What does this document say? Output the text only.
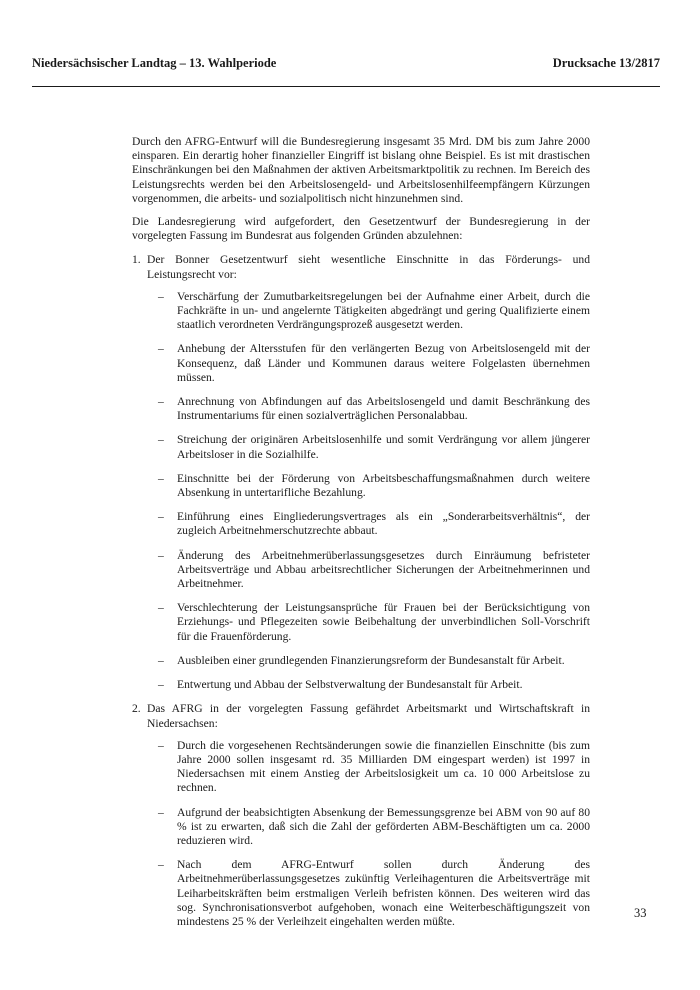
Niedersächsischer Landtag – 13. Wahlperiode	Drucksache 13/2817

Durch den AFRG-Entwurf will die Bundesregierung insgesamt 35 Mrd. DM bis zum Jahre 2000 einsparen. Ein derartig hoher finanzieller Eingriff ist bislang ohne Beispiel. Es ist mit drastischen Einschränkungen bei den Maßnahmen der aktiven Arbeitsmarktpolitik zu rechnen. Im Bereich des Leistungsrechts werden bei den Arbeitslosengeld- und Arbeitslosenhilfeempfängern Kürzungen vorgenommen, die arbeits- und sozialpolitisch nicht hinzunehmen sind.

Die Landesregierung wird aufgefordert, den Gesetzentwurf der Bundesregierung in der vorgelegten Fassung im Bundesrat aus folgenden Gründen abzulehnen:

1. Der Bonner Gesetzentwurf sieht wesentliche Einschnitte in das Förderungs- und Leistungsrecht vor:

– Verschärfung der Zumutbarkeitsregelungen bei der Aufnahme einer Arbeit, durch die Fachkräfte in un- und angelernte Tätigkeiten abgedrängt und gering Qualifizierte einem staatlich verordneten Verdrängungsprozeß ausgesetzt werden.
– Anhebung der Altersstufen für den verlängerten Bezug von Arbeitslosengeld mit der Konsequenz, daß Länder und Kommunen daraus weitere Folgelasten übernehmen müssen.
– Anrechnung von Abfindungen auf das Arbeitslosengeld und damit Beschränkung des Instrumentariums für einen sozialverträglichen Personalabbau.
– Streichung der originären Arbeitslosenhilfe und somit Verdrängung vor allem jüngerer Arbeitsloser in die Sozialhilfe.
– Einschnitte bei der Förderung von Arbeitsbeschaffungsmaßnahmen durch weitere Absenkung in untertarifliche Bezahlung.
– Einführung eines Eingliederungsvertrages als ein „Sonderarbeitsverhältnis“, der zugleich Arbeitnehmerschutzrechte abbaut.
– Änderung des Arbeitnehmerüberlassungsgesetzes durch Einräumung befristeter Arbeitsverträge und Abbau arbeitsrechtlicher Sicherungen der Arbeitnehmerinnen und Arbeitnehmer.
– Verschlechterung der Leistungsansprüche für Frauen bei der Berücksichtigung von Erziehungs- und Pflegezeiten sowie Beibehaltung der unverbindlichen Soll-Vorschrift für die Frauenförderung.
– Ausbleiben einer grundlegenden Finanzierungsreform der Bundesanstalt für Arbeit.
– Entwertung und Abbau der Selbstverwaltung der Bundesanstalt für Arbeit.
2. Das AFRG in der vorgelegten Fassung gefährdet Arbeitsmarkt und Wirtschaftskraft in Niedersachsen:

– Durch die vorgesehenen Rechtsänderungen sowie die finanziellen Einschnitte (bis zum Jahre 2000 sollen insgesamt rd. 35 Milliarden DM eingespart werden) ist 1997 in Niedersachsen mit einem Anstieg der Arbeitslosigkeit um ca. 10 000 Arbeitslose zu rechnen.
– Aufgrund der beabsichtigten Absenkung der Bemessungsgrenze bei ABM von 90 auf 80 % ist zu erwarten, daß sich die Zahl der geförderten ABM-Beschäftigten um ca. 2000 reduzieren wird.
– Nach dem AFRG-Entwurf sollen durch Änderung des Arbeitnehmerüberlassungsgesetzes zukünftig Verleihagenturen die Arbeitsverträge mit Leiharbeitskräften beim erstmaligen Verleih befristen können. Des weiteren wird das sog. Synchronisationsverbot aufgehoben, wonach eine Weiterbeschäftigungszeit von mindestens 25 % der Verleihzeit eingehalten werden müßte.
33
